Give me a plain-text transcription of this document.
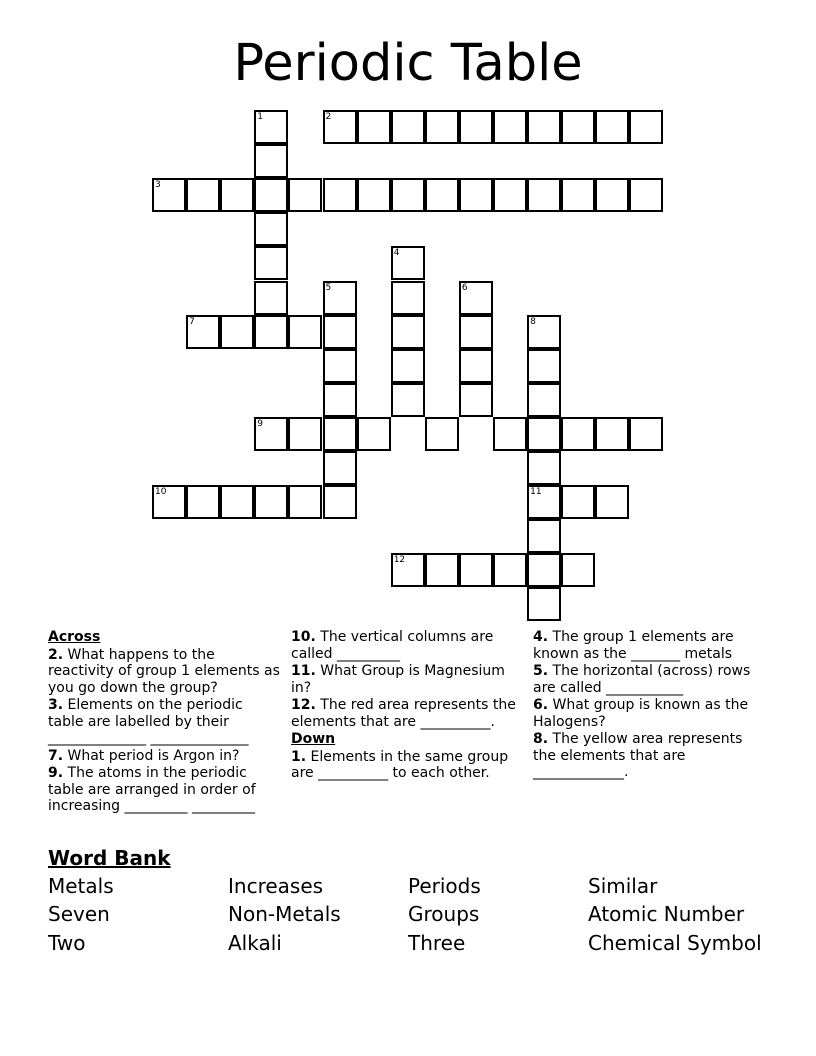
Periodic Table
1	2
3
4
5	6
7	8
9
10	11
12

Across

2. What happens to the reactivity of group 1 elements as you go down the group?

3. Elements on the periodic table are labelled by their ______________ ______________

7. What period is Argon in?

9. The atoms in the periodic table are arranged in order of increasing _________ _________

10. The vertical columns are called _________

11. What Group is Magnesium in?

12. The red area represents the elements that are __________.

Down

1. Elements in the same group are __________ to each other.

4. The group 1 elements are known as the _______ metals

5. The horizontal (across) rows are called ___________

6. What group is known as the Halogens?

8. The yellow area represents the elements that are _____________.

Word Bank
Metals	Increases	Periods	Similar
Seven	Non-Metals	Groups	Atomic Number
Two	Alkali	Three	Chemical Symbol
